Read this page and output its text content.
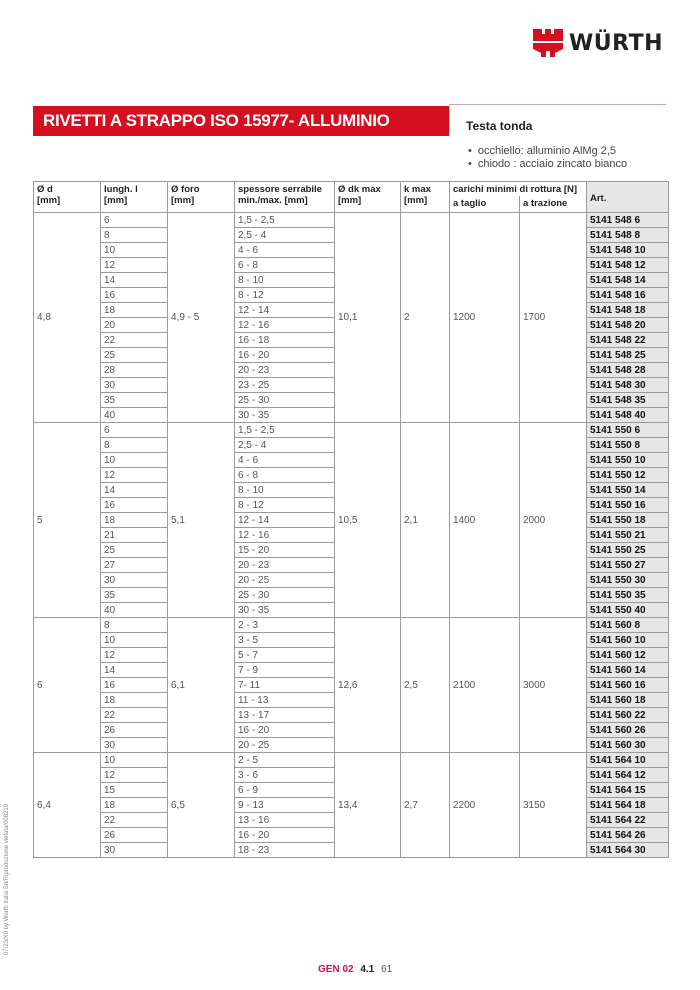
WÜRTH
RIVETTI A STRAPPO ISO 15977- ALLUMINIO	Testa tonda
• occhiello: alluminio AlMg 2,5
• chiodo : acciaio zincato bianco
Ø d
[mm]	lungh. l
[mm]	Ø foro
[mm]	spessore serrabile
min./max. [mm]	Ø dk max
[mm]	k max
[mm]	carichi minimi di rottura [N]		Art.
						a taglio	a trazione	
4,8	6	4,9 - 5	1,5 - 2,5	10,1	2	1200	1700	5141 548 6
	8		2,5 - 4					5141 548 8
	10		4 - 6					5141 548 10
	12		6 - 8					5141 548 12
	14		8 - 10					5141 548 14
	16		8 - 12					5141 548 16
	18		12 - 14					5141 548 18
	20		12 - 16					5141 548 20
	22		16 - 18					5141 548 22
	25		16 - 20					5141 548 25
	28		20 - 23					5141 548 28
	30		23 - 25					5141 548 30
	35		25 - 30					5141 548 35
	40		30 - 35					5141 548 40
5	6	5,1	1,5 - 2,5	10,5	2,1	1400	2000	5141 550 6
	8		2,5 - 4					5141 550 8
	10		4 - 6					5141 550 10
	12		6 - 8					5141 550 12
	14		8 - 10					5141 550 14
	16		8 - 12					5141 550 16
	18		12 - 14					5141 550 18
	21		12 - 16					5141 550 21
	25		15 - 20					5141 550 25
	27		20 - 23					5141 550 27
	30		20 - 25					5141 550 30
	35		25 - 30					5141 550 35
	40		30 - 35					5141 550 40
6	8	6,1	2 - 3	12,6	2,5	2100	3000	5141 560 8
	10		3 - 5					5141 560 10
	12		5 - 7					5141 560 12
	14		7 - 9					5141 560 14
	16		7- 11					5141 560 16
	18		11 - 13					5141 560 18
	22		13 - 17					5141 560 22
	26		16 - 20					5141 560 26
	30		20 - 25					5141 560 30
6,4	10	6,5	2 - 5	13,4	2,7	2200	3150	5141 564 10
	12		3 - 6					5141 564 12
	15		6 - 9					5141 564 15
	18		9 - 13					5141 564 18
	22		13 - 16					5141 564 22
	26		16 - 20					5141 564 26
	30		18 - 23					5141 564 30
07/23/X0 by Würth Italia Srl/Riproduzione vietata/008219
GEN 02 4.1 61
